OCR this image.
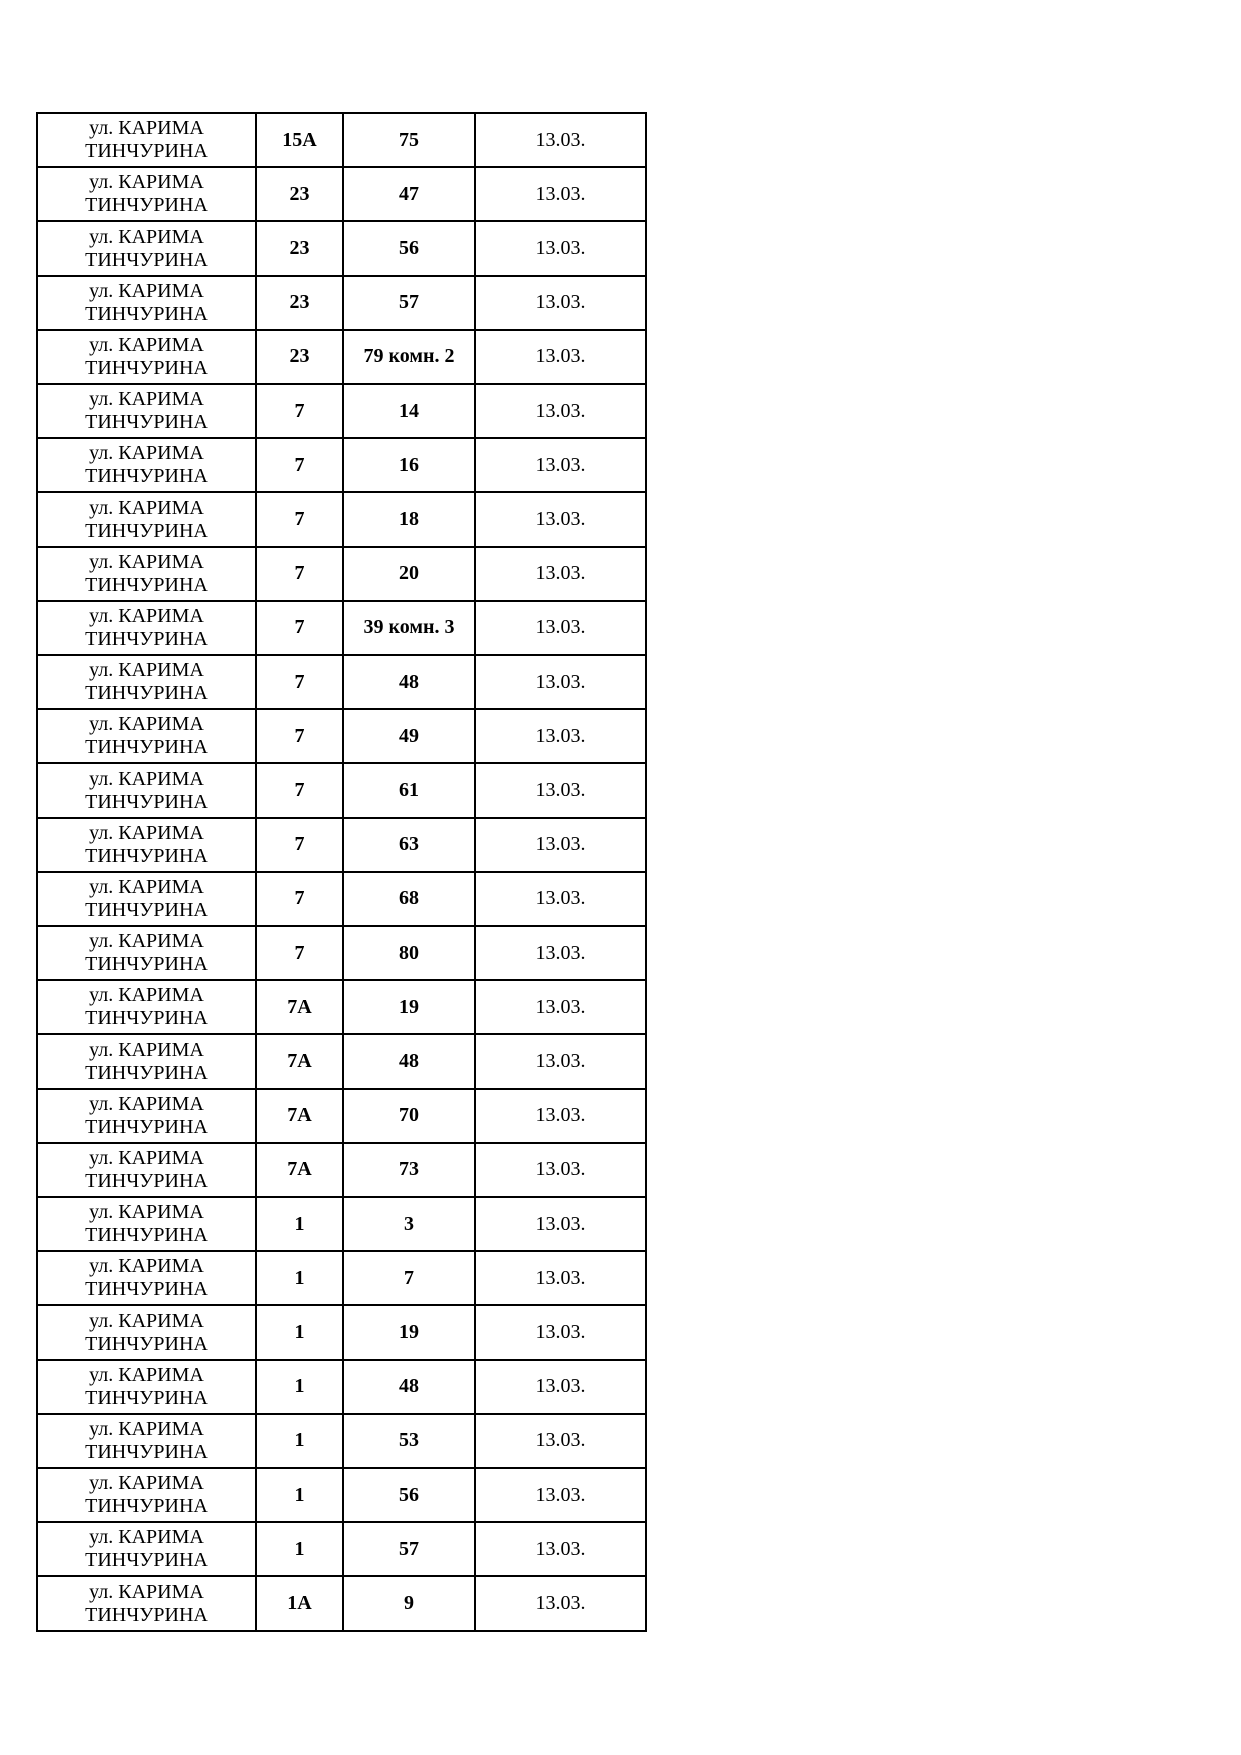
ул. КАРИМА ТИНЧУРИНА	15А	75	13.03.
ул. КАРИМА ТИНЧУРИНА	23	47	13.03.
ул. КАРИМА ТИНЧУРИНА	23	56	13.03.
ул. КАРИМА ТИНЧУРИНА	23	57	13.03.
ул. КАРИМА ТИНЧУРИНА	23	79 комн. 2	13.03.
ул. КАРИМА ТИНЧУРИНА	7	14	13.03.
ул. КАРИМА ТИНЧУРИНА	7	16	13.03.
ул. КАРИМА ТИНЧУРИНА	7	18	13.03.
ул. КАРИМА ТИНЧУРИНА	7	20	13.03.
ул. КАРИМА ТИНЧУРИНА	7	39 комн. 3	13.03.
ул. КАРИМА ТИНЧУРИНА	7	48	13.03.
ул. КАРИМА ТИНЧУРИНА	7	49	13.03.
ул. КАРИМА ТИНЧУРИНА	7	61	13.03.
ул. КАРИМА ТИНЧУРИНА	7	63	13.03.
ул. КАРИМА ТИНЧУРИНА	7	68	13.03.
ул. КАРИМА ТИНЧУРИНА	7	80	13.03.
ул. КАРИМА ТИНЧУРИНА	7А	19	13.03.
ул. КАРИМА ТИНЧУРИНА	7А	48	13.03.
ул. КАРИМА ТИНЧУРИНА	7А	70	13.03.
ул. КАРИМА ТИНЧУРИНА	7А	73	13.03.
ул. КАРИМА ТИНЧУРИНА	1	3	13.03.
ул. КАРИМА ТИНЧУРИНА	1	7	13.03.
ул. КАРИМА ТИНЧУРИНА	1	19	13.03.
ул. КАРИМА ТИНЧУРИНА	1	48	13.03.
ул. КАРИМА ТИНЧУРИНА	1	53	13.03.
ул. КАРИМА ТИНЧУРИНА	1	56	13.03.
ул. КАРИМА ТИНЧУРИНА	1	57	13.03.
ул. КАРИМА ТИНЧУРИНА	1А	9	13.03.
